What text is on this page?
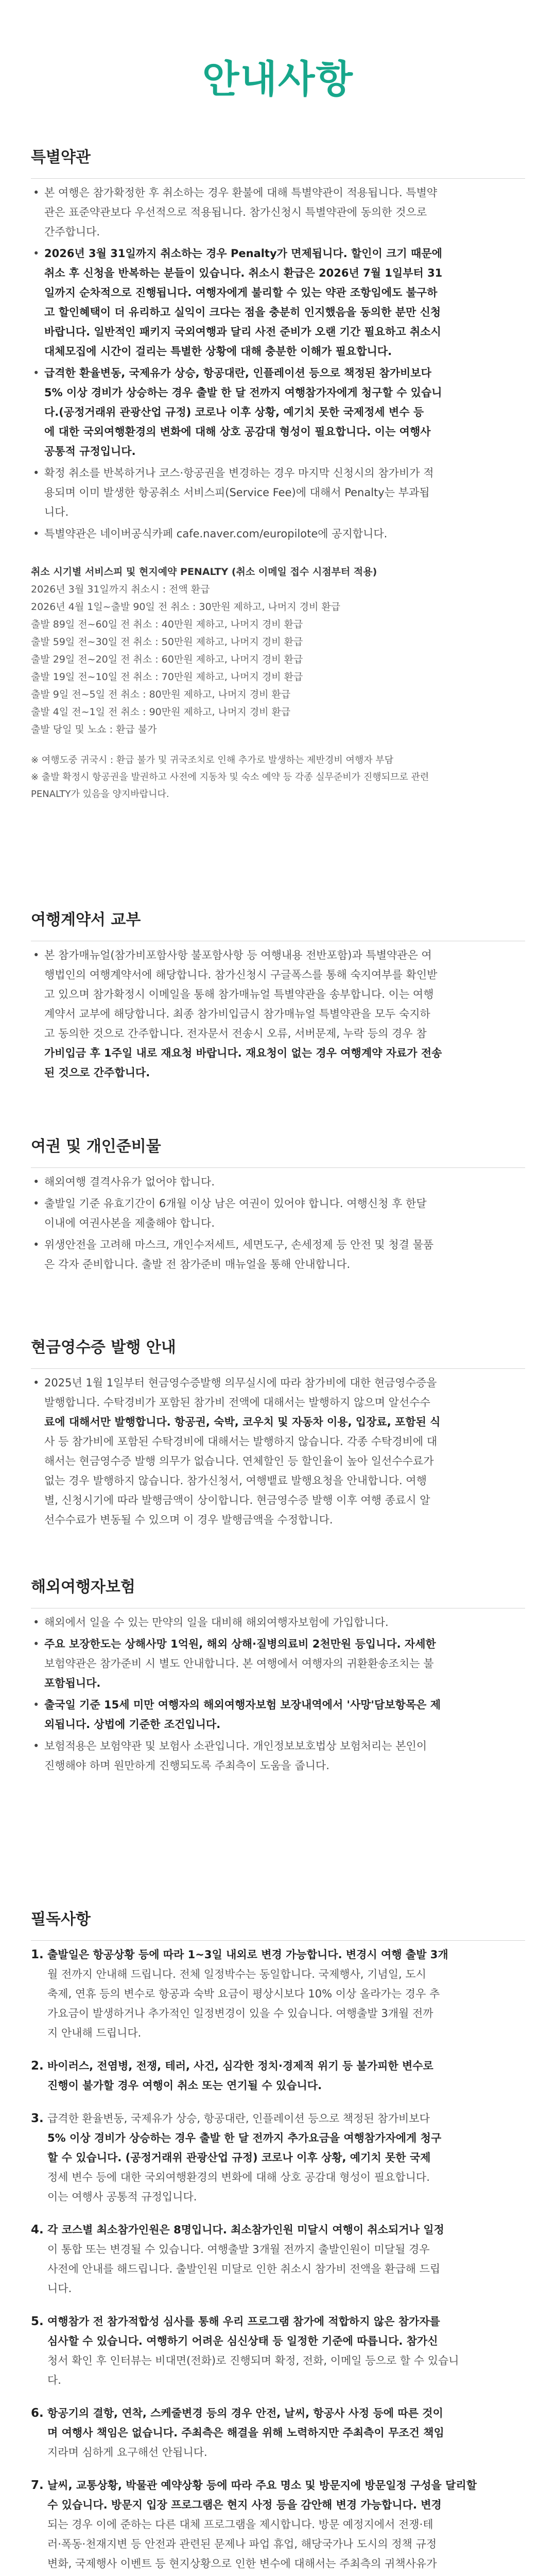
안내사항
특별약관
• 본 여행은 참가확정한 후 취소하는 경우 환불에 대해 특별약관이 적용됩니다. 특별약
관은 표준약관보다 우선적으로 적용됩니다. 참가신청시 특별약관에 동의한 것으로
간주합니다.
• 2026년 3월 31일까지 취소하는 경우 Penalty가 면제됩니다. 할인이 크기 때문에
취소 후 신청을 반복하는 분들이 있습니다. 취소시 환급은 2026년 7월 1일부터 31
일까지 순차적으로 진행됩니다. 여행자에게 불리할 수 있는 약관 조항임에도 불구하
고 할인혜택이 더 유리하고 실익이 크다는 점을 충분히 인지했음을 동의한 분만 신청
바랍니다. 일반적인 패키지 국외여행과 달리 사전 준비가 오랜 기간 필요하고 취소시
대체모집에 시간이 걸리는 특별한 상황에 대해 충분한 이해가 필요합니다.
• 급격한 환율변동, 국제유가 상승, 항공대란, 인플레이션 등으로 책정된 참가비보다
5% 이상 경비가 상승하는 경우 출발 한 달 전까지 여행참가자에게 청구할 수 있습니
다.(공정거래위 관광산업 규정) 코로나 이후 상황, 예기치 못한 국제정세 변수 등
에 대한 국외여행환경의 변화에 대해 상호 공감대 형성이 필요합니다. 이는 여행사
공통적 규정입니다.
• 확정 취소를 반복하거나 코스·항공권을 변경하는 경우 마지막 신청시의 참가비가 적
용되며 이미 발생한 항공취소 서비스피(Service Fee)에 대해서 Penalty는 부과됩
니다.
• 특별약관은 네이버공식카페 cafe.naver.com/europilote에 공지합니다.
취소 시기별 서비스피 및 현지예약 PENALTY (취소 이메일 접수 시점부터 적용)
2026년 3월 31일까지 취소시 : 전액 환급
2026년 4월 1일~출발 90일 전 취소 : 30만원 제하고, 나머지 경비 환급
출발 89일 전~60일 전 취소 : 40만원 제하고, 나머지 경비 환급
출발 59일 전~30일 전 취소 : 50만원 제하고, 나머지 경비 환급
출발 29일 전~20일 전 취소 : 60만원 제하고, 나머지 경비 환급
출발 19일 전~10일 전 취소 : 70만원 제하고, 나머지 경비 환급
출발 9일 전~5일 전 취소 : 80만원 제하고, 나머지 경비 환급
출발 4일 전~1일 전 취소 : 90만원 제하고, 나머지 경비 환급
출발 당일 및 노쇼 : 환급 불가
※ 여행도중 귀국시 : 환급 불가 및 귀국조치로 인해 추가로 발생하는 제반경비 여행자 부담
※ 출발 확정시 항공권을 발권하고 사전에 지동차 및 숙소 예약 등 각종 실무준비가 진행되므로 관련
PENALTY가 있음을 양지바랍니다.
여행계약서 교부
• 본 참가매뉴얼(참가비포함사항 불포함사항 등 여행내용 전반포함)과 특별약관은 여
행법인의 여행계약서에 해당합니다. 참가신청시 구글폭스를 통해 숙지여부를 확인받
고 있으며 참가확정시 이메일을 통해 참가매뉴얼 특별약관을 송부합니다. 이는 여행
계약서 교부에 해당합니다. 최종 참가비입금시 참가매뉴얼 특별약관을 모두 숙지하
고 동의한 것으로 간주합니다. 전자문서 전송시 오류, 서버문제, 누락 등의 경우 참
가비입금 후 1주일 내로 재요청 바랍니다. 재요청이 없는 경우 여행계약 자료가 전송
된 것으로 간주합니다.
여권 및 개인준비물
• 해외여행 결격사유가 없어야 합니다.
• 출발일 기준 유효기간이 6개월 이상 남은 여권이 있어야 합니다. 여행신청 후 한달
이내에 여권사본을 제출해야 합니다.
• 위생안전을 고려해 마스크, 개인수저세트, 세면도구, 손세정제 등 안전 및 청결 물품
은 각자 준비합니다. 출발 전 참가준비 매뉴얼을 통해 안내합니다.
현금영수증 발행 안내
• 2025년 1월 1일부터 현금영수증발행 의무실시에 따라 참가비에 대한 현금영수증을
발행합니다. 수탁경비가 포함된 참가비 전액에 대해서는 발행하지 않으며 알선수수
료에 대해서만 발행합니다. 항공권, 숙박, 코우치 및 자동차 이용, 입장료, 포함된 식
사 등 참가비에 포함된 수탁경비에 대해서는 발행하지 않습니다. 각종 수탁경비에 대
해서는 현금영수증 발행 의무가 없습니다. 연체할인 등 할인율이 높아 일선수수료가
없는 경우 발행하지 않습니다. 참가신청서, 여행뱉료 발행요청을 안내합니다. 여행
별, 신청시기에 따라 발행금액이 상이합니다. 현금영수증 발행 이후 여행 종료시 알
선수수료가 변동될 수 있으며 이 경우 발행금액을 수정합니다.
해외여행자보험
• 해외에서 일을 수 있는 만약의 일을 대비해 해외여행자보험에 가입합니다.
• 주요 보장한도는 상해사망 1억원, 해외 상해·질병의료비 2천만원 등입니다. 자세한
보험약관은 참가준비 시 별도 안내합니다. 본 여행에서 여행자의 귀환환송조치는 불
포함됩니다.
• 출국일 기준 15세 미만 여행자의 해외여행자보험 보장내역에서 '사망'담보항목은 제
외됩니다. 상법에 기준한 조건입니다.
• 보험적용은 보험약관 및 보험사 소관입니다. 개인정보보호법상 보험처리는 본인이
진행해야 하며 원만하게 진행되도록 주최측이 도움을 줍니다.
필독사항
1. 출발일은 항공상황 등에 따라 1~3일 내외로 변경 가능합니다. 변경시 여행 출발 3개
월 전까지 안내해 드립니다. 전체 일정박수는 동일합니다. 국제행사, 기념일, 도시
축제, 연휴 등의 변수로 항공과 숙박 요금이 평상시보다 10% 이상 올라가는 경우 추
가요금이 발생하거나 추가적인 일정변경이 있을 수 있습니다. 여행출발 3개월 전까
지 안내해 드립니다.
2. 바이러스, 전염병, 전쟁, 테러, 사건, 심각한 정치·경제적 위기 등 불가피한 변수로
진행이 불가할 경우 여행이 취소 또는 연기될 수 있습니다.
3. 급격한 환율변동, 국제유가 상승, 항공대란, 인플레이션 등으로 책정된 참가비보다
5% 이상 경비가 상승하는 경우 출발 한 달 전까지 추가요금을 여행참가자에게 청구
할 수 있습니다. (공정거래위 관광산업 규정) 코로나 이후 상황, 예기치 못한 국제
정세 변수 등에 대한 국외여행환경의 변화에 대해 상호 공감대 형성이 필요합니다.
이는 여행사 공통적 규정입니다.
4. 각 코스별 최소참가인원은 8명입니다. 최소참가인원 미달시 여행이 취소되거나 일정
이 통합 또는 변경될 수 있습니다. 여행출발 3개월 전까지 출발인원이 미달될 경우
사전에 안내를 해드립니다. 출발인원 미달로 인한 취소시 참가비 전액을 환급해 드립
니다.
5. 여행참가 전 참가적합성 심사를 통해 우리 프로그램 참가에 적합하지 않은 참가자를
심사할 수 있습니다. 여행하기 어려운 심신상태 등 일정한 기준에 따릅니다. 참가신
청서 확인 후 인터뷰는 비대면(전화)로 진행되며 확정, 전화, 이메일 등으로 할 수 있습니
다.
6. 항공기의 결항, 연착, 스케줄변경 등의 경우 안전, 날씨, 항공사 사정 등에 따른 것이
며 여행사 책임은 없습니다. 주최측은 해결을 위해 노력하지만 주최측이 무조건 책임
지라며 심하게 요구해선 안됩니다.
7. 날씨, 교통상황, 박물관 예약상황 등에 따라 주요 명소 및 방문지에 방문일정 구성을 달리할
수 있습니다. 방문지 입장 프로그램은 현지 사정 등을 감안해 변경 가능합니다. 변경
되는 경우 이에 준하는 다른 대체 프로그램을 제시합니다. 방문 예정지에서 전쟁·테
러·폭동·천재지변 등 안전과 관련된 문제나 파업 휴업, 해당국가나 도시의 정책 규정
변화, 국제행사 이벤트 등 현지상황으로 인한 변수에 대해서는 주최측의 귀책사유가
